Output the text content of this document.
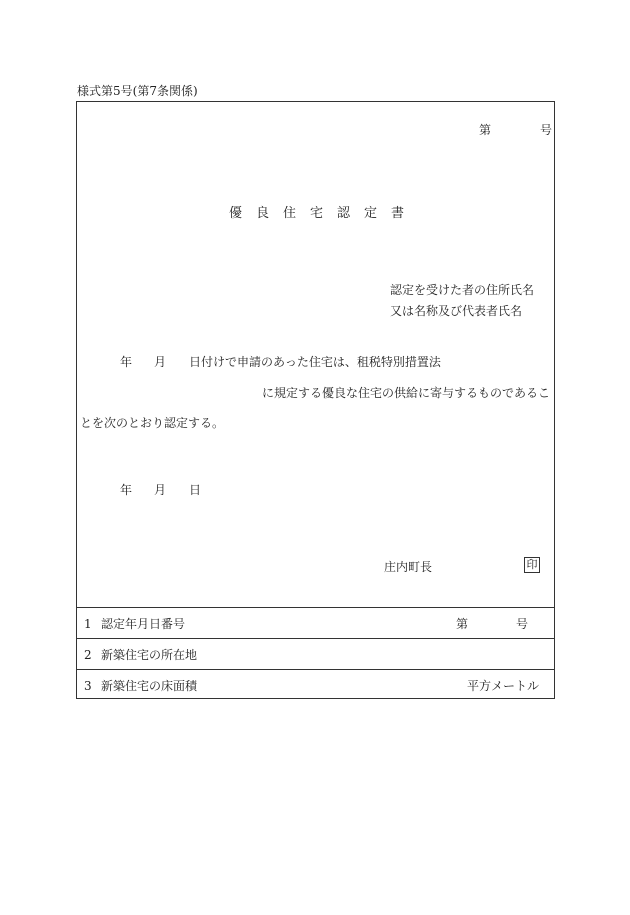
様式第5号(第7条関係)
第	号
優良住宅認定書
認定を受けた者の住所氏名
又は名称及び代表者氏名
年 月 日付けで申請のあった住宅は、租税特別措置法
に規定する優良な住宅の供給に寄与するものであるこ
とを次のとおり認定する。
年 月 日
庄内町長	印
1 認定年月日番号	第	号
2 新築住宅の所在地
3 新築住宅の床面積	平方メートル
